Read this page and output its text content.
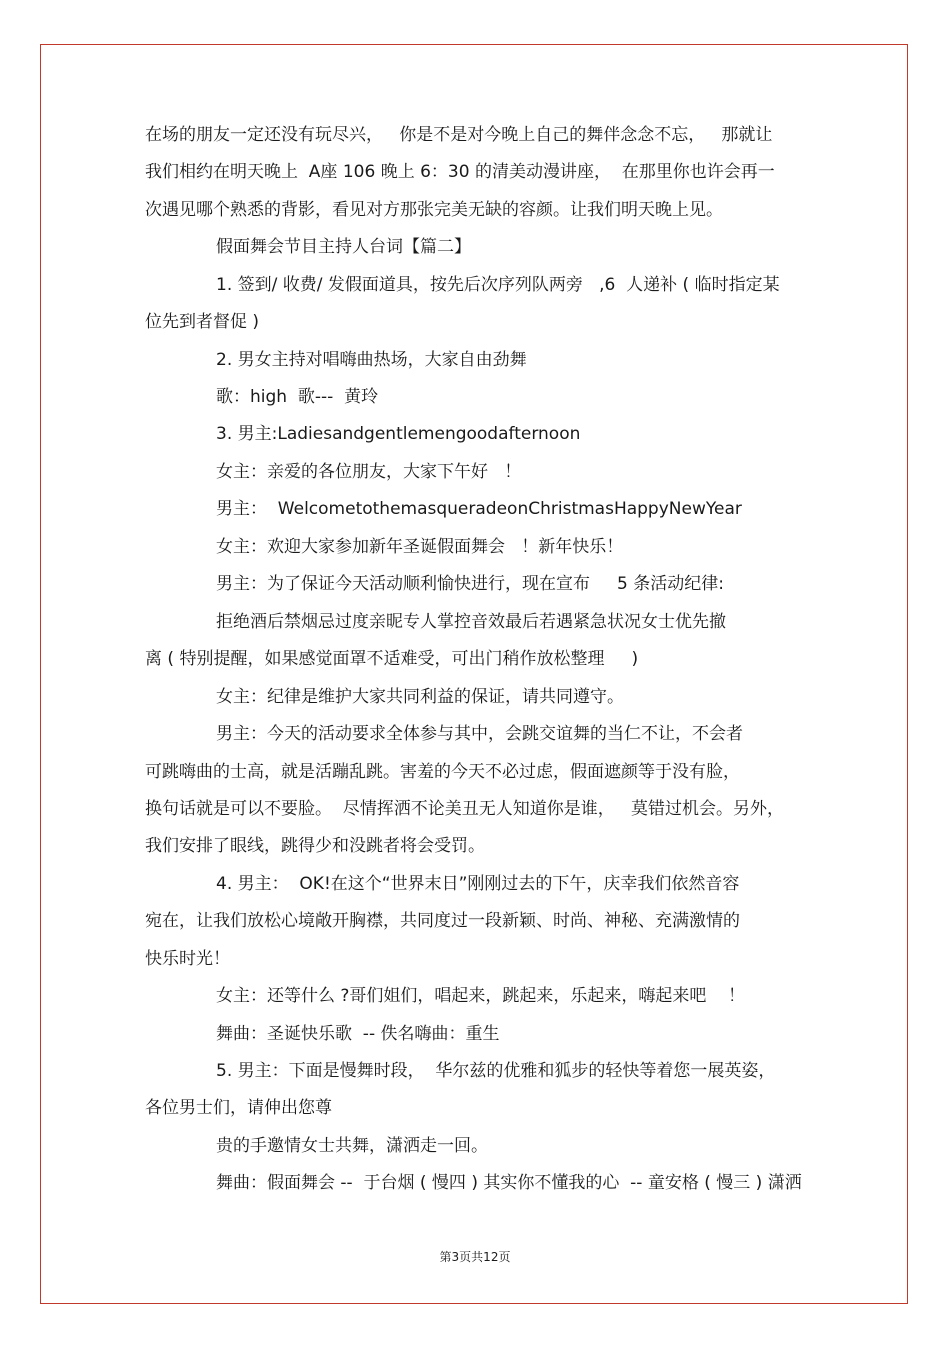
在场的朋友一定还没有玩尽兴，   你是不是对今晚上自己的舞伴念念不忘，   那就让
我们相约在明天晚上  A座 106 晚上 6：30 的清美动漫讲座，  在那里你也许会再一
次遇见哪个熟悉的背影，看见对方那张完美无缺的容颜。让我们明天晚上见。
假面舞会节目主持人台词【篇二】
1. 签到/ 收费/ 发假面道具，按先后次序列队两旁   ,6  人递补 ( 临时指定某
位先到者督促 )
2. 男女主持对唱嗨曲热场，大家自由劲舞
歌：high  歌---  黄玲
3. 男主:Ladiesandgentlemengoodafternoon
女主：亲爱的各位朋友，大家下午好   ！
男主：  WelcometothemasqueradeonChristmasHappyNewYear
女主：欢迎大家参加新年圣诞假面舞会   ！新年快乐！
男主：为了保证今天活动顺利愉快进行，现在宣布     5 条活动纪律:
拒绝酒后禁烟忌过度亲昵专人掌控音效最后若遇紧急状况女士优先撤
离 ( 特别提醒，如果感觉面罩不适难受，可出门稍作放松整理     )
女主：纪律是维护大家共同利益的保证，请共同遵守。
男主：今天的活动要求全体参与其中，会跳交谊舞的当仁不让，不会者
可跳嗨曲的士高，就是活蹦乱跳。害羞的今天不必过虑，假面遮颜等于没有脸，
换句话就是可以不要脸。  尽情挥洒不论美丑无人知道你是谁，   莫错过机会。另外，
我们安排了眼线，跳得少和没跳者将会受罚。
4. 男主：  OK!在这个“世界末日”刚刚过去的下午，庆幸我们依然音容
宛在，让我们放松心境敞开胸襟，共同度过一段新颖、时尚、神秘、充满激情的
快乐时光！
女主：还等什么 ?哥们姐们，唱起来，跳起来，乐起来，嗨起来吧    ！
舞曲：圣诞快乐歌  -- 佚名嗨曲：重生
5. 男主：下面是慢舞时段，  华尔兹的优雅和狐步的轻快等着您一展英姿，
各位男士们，请伸出您尊
贵的手邀情女士共舞，潇洒走一回。
舞曲：假面舞会 --  于台烟 ( 慢四 ) 其实你不懂我的心  -- 童安格 ( 慢三 ) 潇洒
第3页共12页
